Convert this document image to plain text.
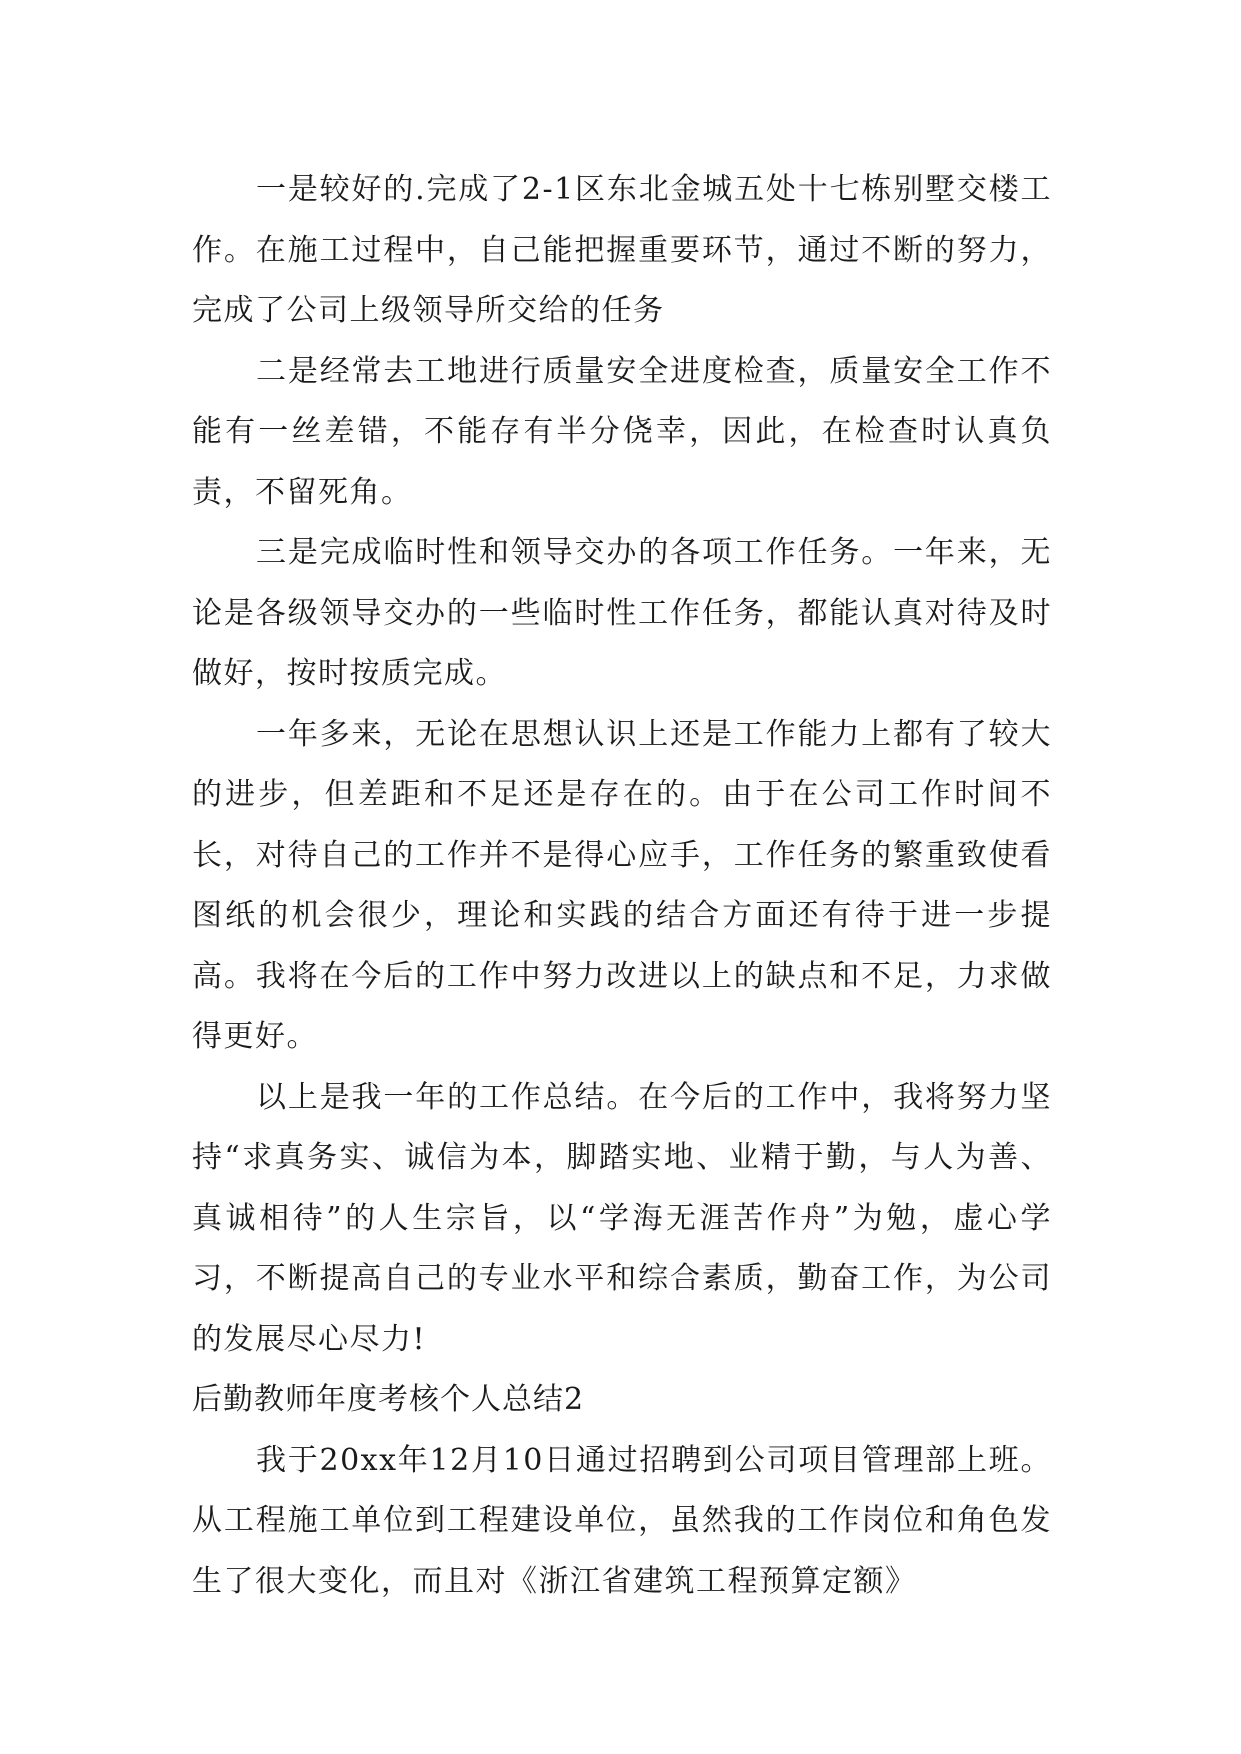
一是较好的.完成了2-1区东北金城五处十七栋别墅交楼工作。在施工过程中，自己能把握重要环节，通过不断的努力，完成了公司上级领导所交给的任务

二是经常去工地进行质量安全进度检查，质量安全工作不能有一丝差错，不能存有半分侥幸，因此，在检查时认真负责，不留死角。

三是完成临时性和领导交办的各项工作任务。一年来，无论是各级领导交办的一些临时性工作任务，都能认真对待及时做好，按时按质完成。

一年多来，无论在思想认识上还是工作能力上都有了较大的进步，但差距和不足还是存在的。由于在公司工作时间不长，对待自己的工作并不是得心应手，工作任务的繁重致使看图纸的机会很少，理论和实践的结合方面还有待于进一步提高。我将在今后的工作中努力改进以上的缺点和不足，力求做得更好。

以上是我一年的工作总结。在今后的工作中，我将努力坚持“求真务实、诚信为本，脚踏实地、业精于勤，与人为善、真诚相待”的人生宗旨，以“学海无涯苦作舟”为勉，虚心学习，不断提高自己的专业水平和综合素质，勤奋工作，为公司的发展尽心尽力!

后勤教师年度考核个人总结2

我于20xx年12月10日通过招聘到公司项目管理部上班。从工程施工单位到工程建设单位，虽然我的工作岗位和角色发生了很大变化，而且对《浙江省建筑工程预算定额》
